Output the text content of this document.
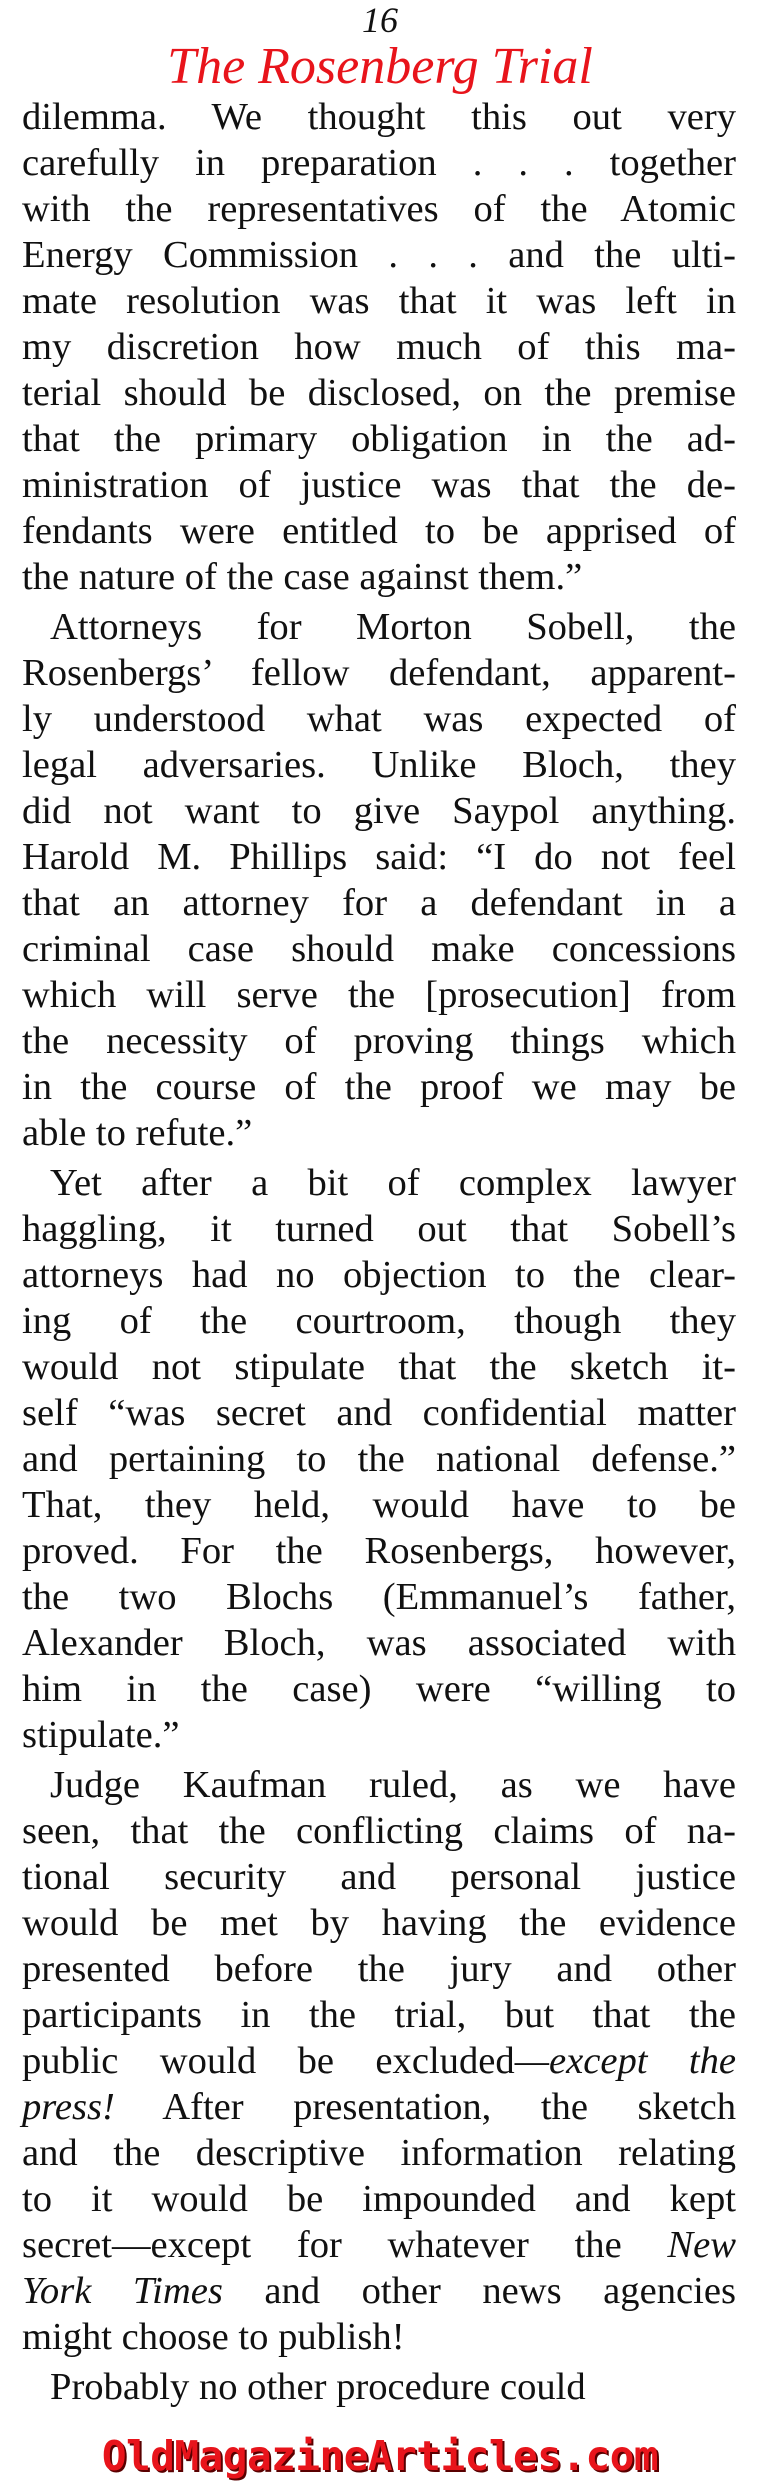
16
The Rosenberg Trial
dilemma. We thought this out very
carefully in preparation . . . together
with the representatives of the Atomic
Energy Commission . . . and the ulti-
mate resolution was that it was left in
my discretion how much of this ma-
terial should be disclosed, on the premise
that the primary obligation in the ad-
ministration of justice was that the de-
fendants were entitled to be apprised of
the nature of the case against them.”
Attorneys for Morton Sobell, the
Rosenbergs’ fellow defendant, apparent-
ly understood what was expected of
legal adversaries. Unlike Bloch, they
did not want to give Saypol anything.
Harold M. Phillips said: “I do not feel
that an attorney for a defendant in a
criminal case should make concessions
which will serve the [prosecution] from
the necessity of proving things which
in the course of the proof we may be
able to refute.”
Yet after a bit of complex lawyer
haggling, it turned out that Sobell’s
attorneys had no objection to the clear-
ing of the courtroom, though they
would not stipulate that the sketch it-
self “was secret and confidential matter
and pertaining to the national defense.”
That, they held, would have to be
proved. For the Rosenbergs, however,
the two Blochs (Emmanuel’s father,
Alexander Bloch, was associated with
him in the case) were “willing to
stipulate.”
Judge Kaufman ruled, as we have
seen, that the conflicting claims of na-
tional security and personal justice
would be met by having the evidence
presented before the jury and other
participants in the trial, but that the
public would be excluded—except the
press! After presentation, the sketch
and the descriptive information relating
to it would be impounded and kept
secret—except for whatever the New
York Times and other news agencies
might choose to publish!
Probably no other procedure could
OldMagazineArticles.com
